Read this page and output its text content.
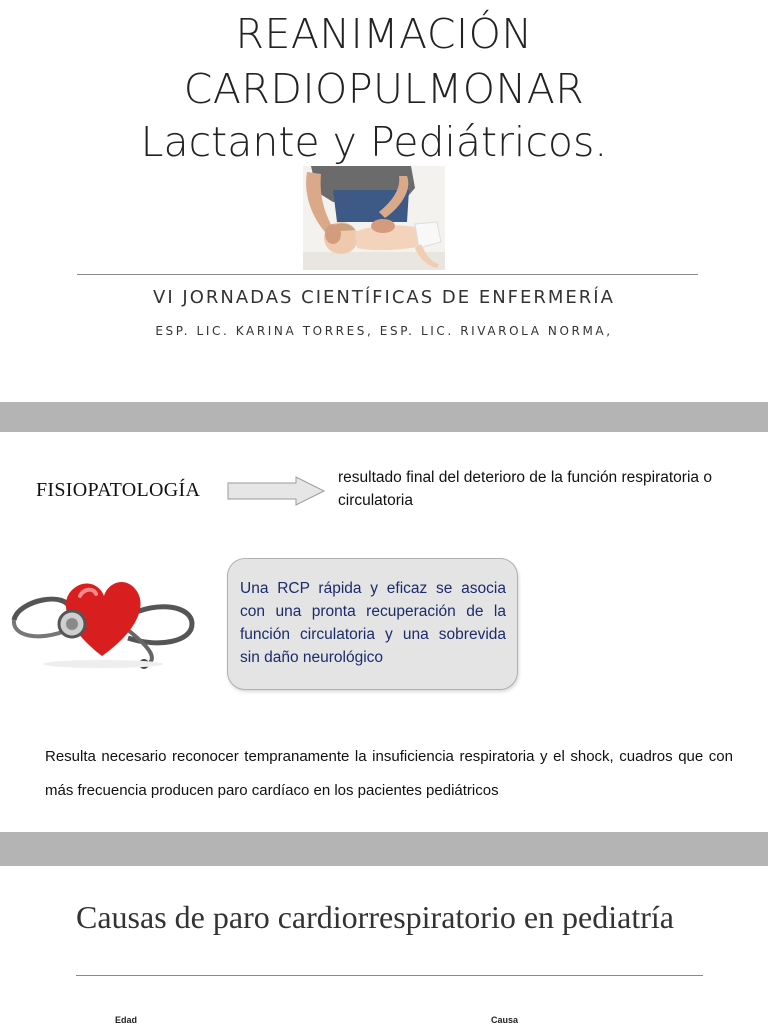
REANIMACIÓN
CARDIOPULMONAR
Lactante y Pediátricos.
VI JORNADAS CIENTÍFICAS DE ENFERMERÍA
ESP. LIC. KARINA TORRES, ESP. LIC. RIVAROLA NORMA,
FISIOPATOLOGÍA
resultado final del deterioro de la función respiratoria o circulatoria
Una RCP rápida y eficaz se asocia con una pronta recuperación de la función circulatoria y una sobrevida sin daño neurológico
Resulta necesario reconocer tempranamente la insuficiencia respiratoria y el shock, cuadros que con más frecuencia producen paro cardíaco en los pacientes pediátricos
Causas de paro cardiorrespiratorio en pediatría
Edad	Causa
